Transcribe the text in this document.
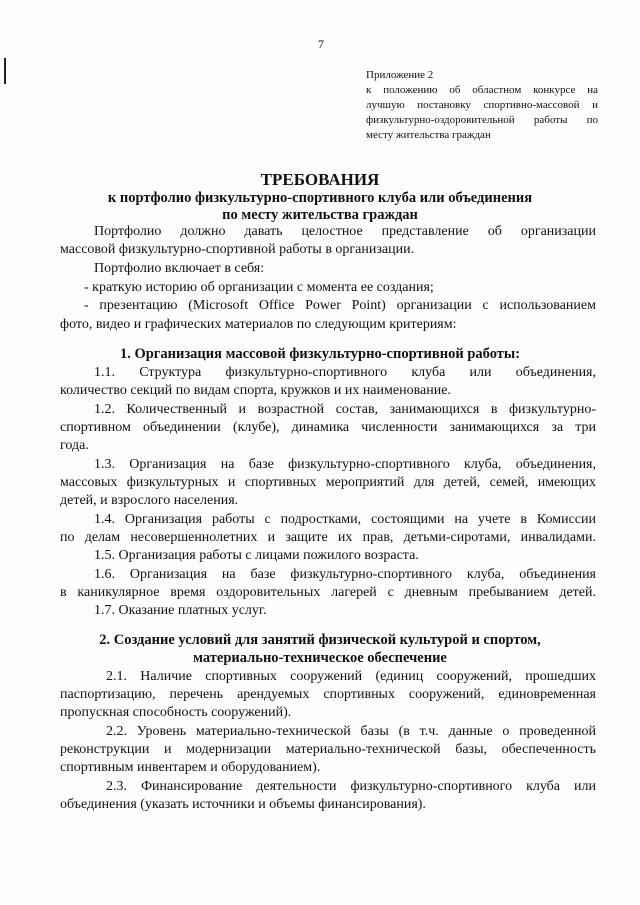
7
Приложение 2
к положению об областном конкурсе на
лучшую постановку спортивно-массовой и
физкультурно-оздоровительной работы по
месту жительства граждан
ТРЕБОВАНИЯ
к портфолио физкультурно-спортивного клуба или объединения
по месту жительства граждан
Портфолио должно давать целостное представление об организации
массовой физкультурно-спортивной работы в организации.
Портфолио включает в себя:
- краткую историю об организации с момента ее создания;
- презентацию (Microsoft Office Power Point) организации с использованием
фото, видео и графических материалов по следующим критериям:
1. Организация массовой физкультурно-спортивной работы:
1.1. Структура физкультурно-спортивного клуба или объединения,
количество секций по видам спорта, кружков и их наименование.
1.2. Количественный и возрастной состав, занимающихся в физкультурно-
спортивном объединении (клубе), динамика численности занимающихся за три
года.
1.3. Организация на базе физкультурно-спортивного клуба, объединения,
массовых физкультурных и спортивных мероприятий для детей, семей, имеющих
детей, и взрослого населения.
1.4. Организация работы с подростками, состоящими на учете в Комиссии
по делам несовершеннолетних и защите их прав, детьми-сиротами, инвалидами.
1.5. Организация работы с лицами пожилого возраста.
1.6. Организация на базе физкультурно-спортивного клуба, объединения
в каникулярное время оздоровительных лагерей с дневным пребыванием детей.
1.7. Оказание платных услуг.
2. Создание условий для занятий физической культурой и спортом,
материально-техническое обеспечение
2.1. Наличие спортивных сооружений (единиц сооружений, прошедших
паспортизацию, перечень арендуемых спортивных сооружений, единовременная
пропускная способность сооружений).
2.2. Уровень материально-технической базы (в т.ч. данные о проведенной
реконструкции и модернизации материально-технической базы, обеспеченность
спортивным инвентарем и оборудованием).
2.3. Финансирование деятельности физкультурно-спортивного клуба или
объединения (указать источники и объемы финансирования).
